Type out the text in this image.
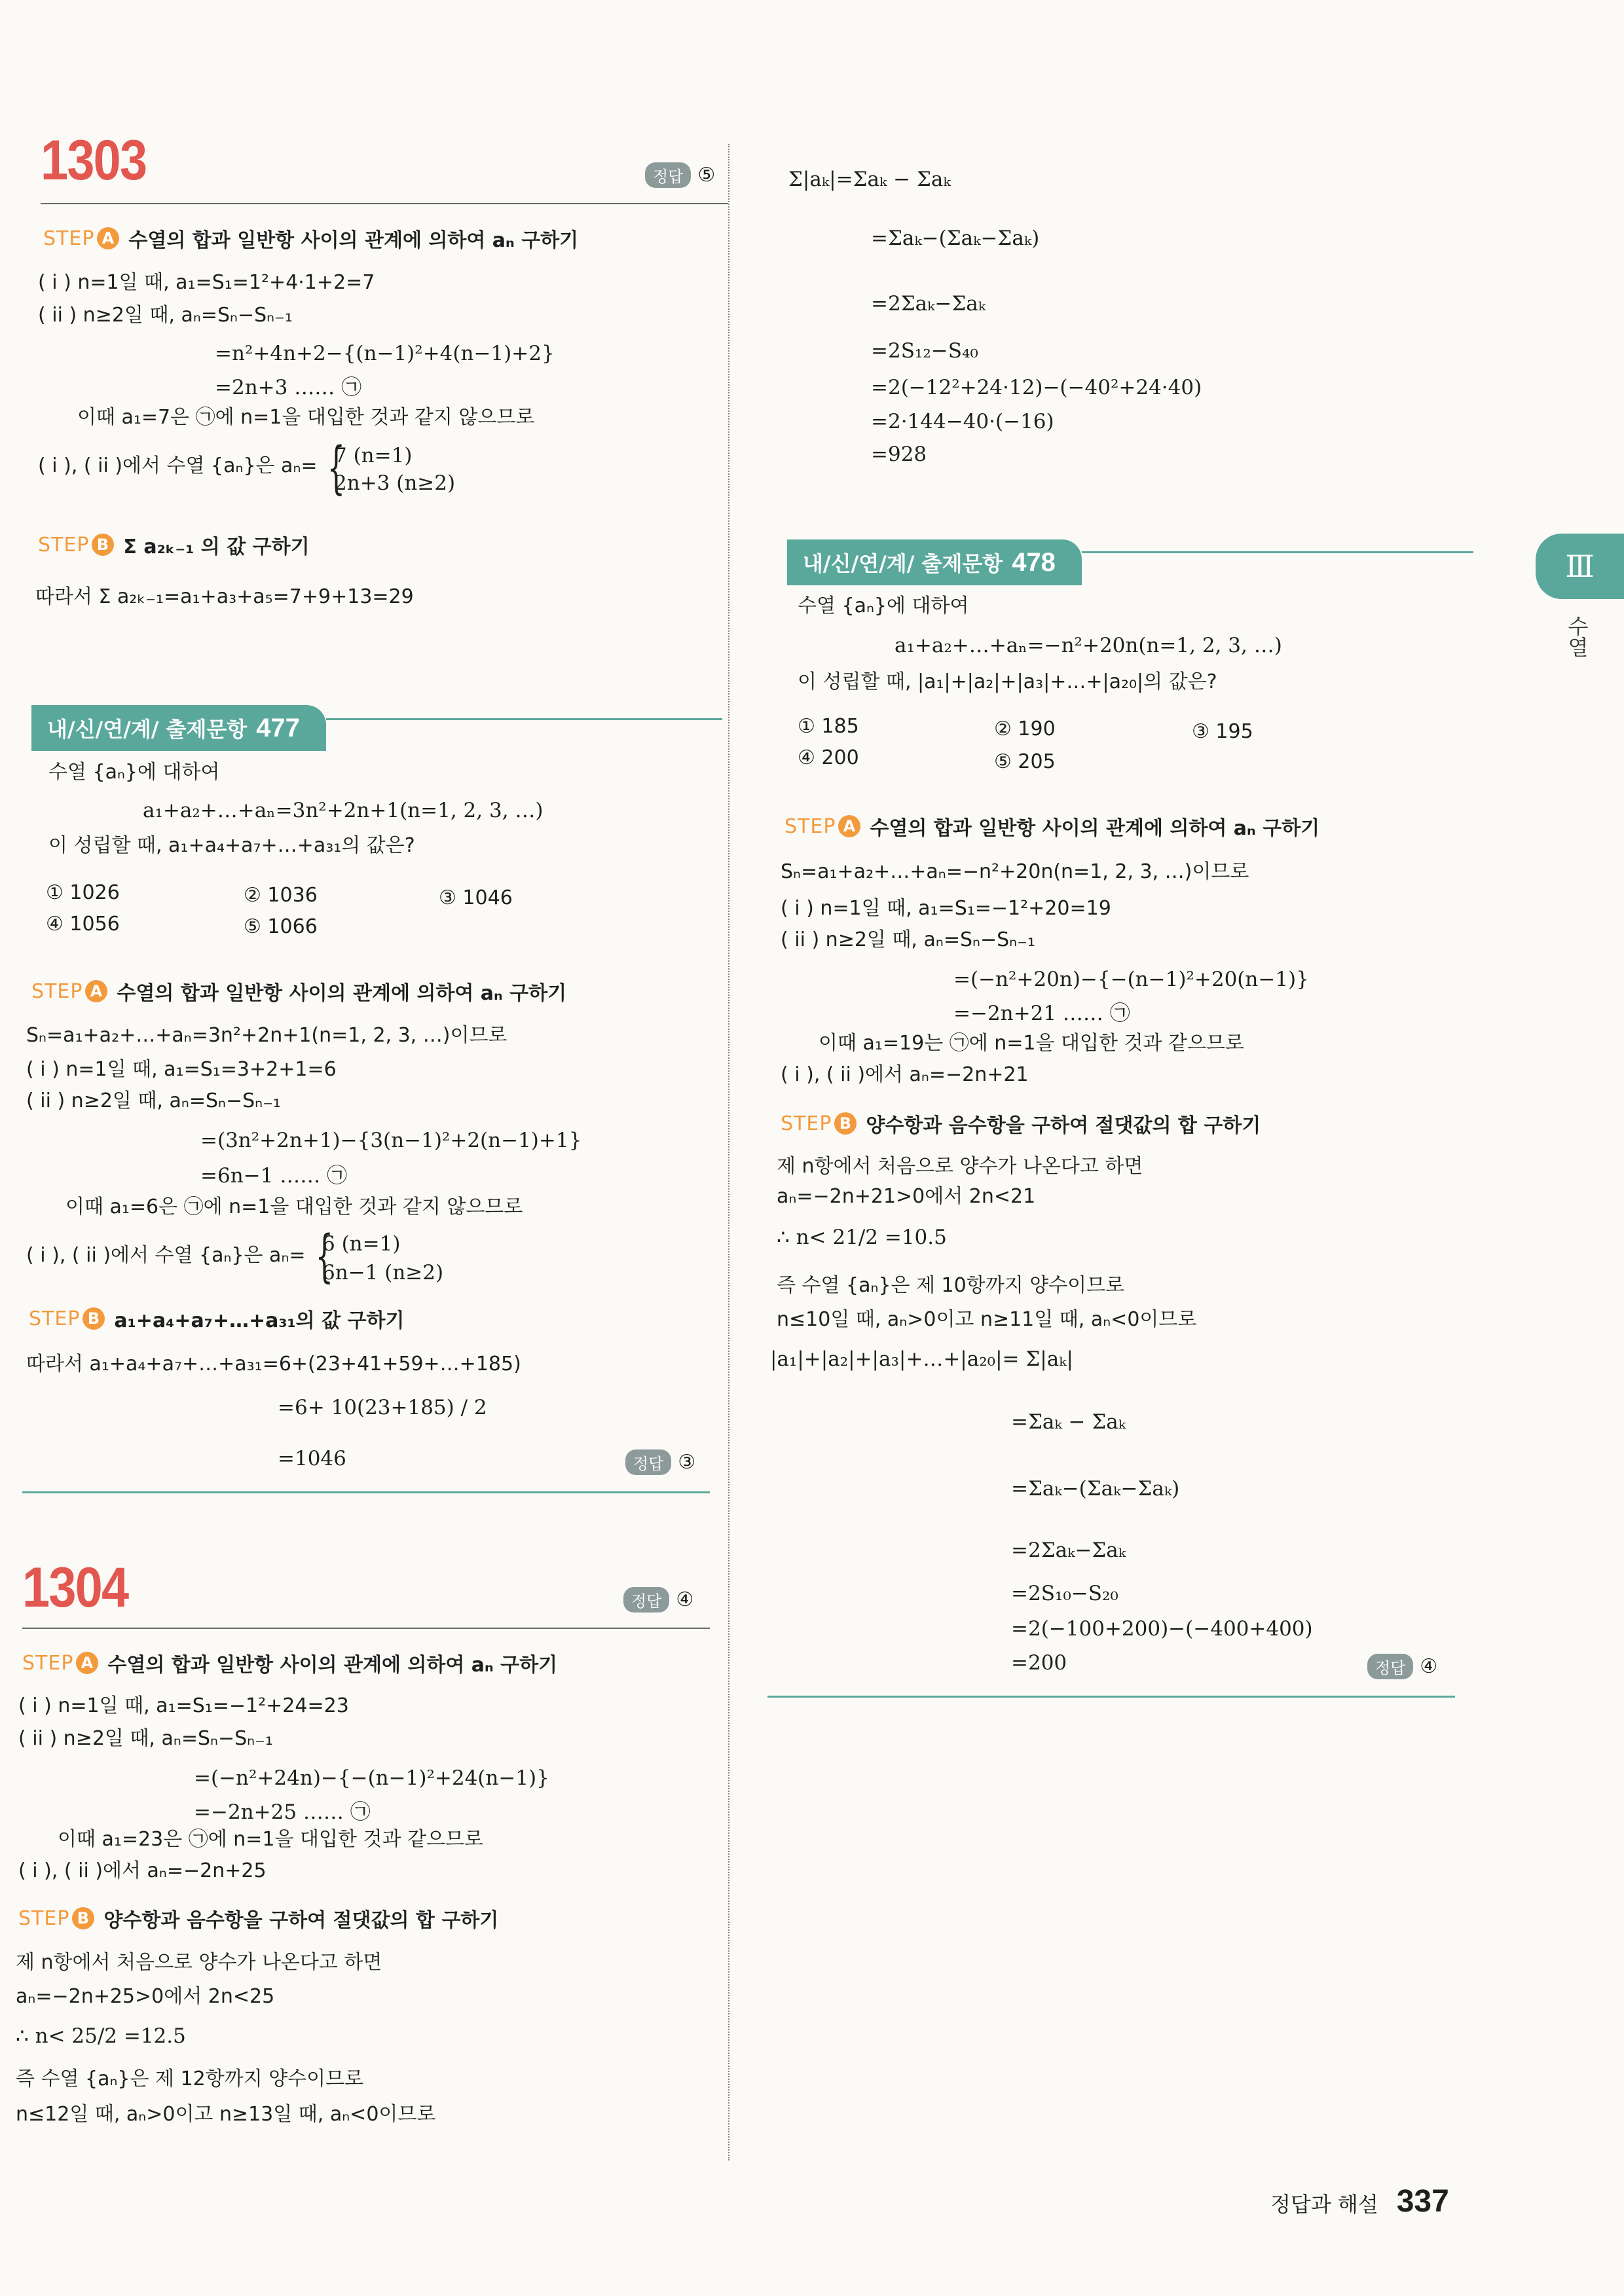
1303	정답 ⑤
STEP A 수열의 합과 일반항 사이의 관계에 의하여 aₙ 구하기
( i ) n=1일 때, a₁=S₁=1²+4·1+2=7
( ii ) n≥2일 때, aₙ=Sₙ−Sₙ₋₁
=n²+4n+2−{(n−1)²+4(n−1)+2}
=2n+3 …… ㉠
이때 a₁=7은 ㉠에 n=1을 대입한 것과 같지 않으므로
( i ), ( ii )에서 수열 {aₙ}은 aₙ= {
7 (n=1)
2n+3 (n≥2)
STEP B Σ a₂ₖ₋₁ 의 값 구하기
따라서 Σ a₂ₖ₋₁=a₁+a₃+a₅=7+9+13=29
내/신/연/계/ 출제문항 477
수열 {aₙ}에 대하여
a₁+a₂+…+aₙ=3n²+2n+1(n=1, 2, 3, …)
이 성립할 때, a₁+a₄+a₇+…+a₃₁의 값은?
① 1026	② 1036	③ 1046
④ 1056	⑤ 1066
STEP A 수열의 합과 일반항 사이의 관계에 의하여 aₙ 구하기
Sₙ=a₁+a₂+…+aₙ=3n²+2n+1(n=1, 2, 3, …)이므로
( i ) n=1일 때, a₁=S₁=3+2+1=6
( ii ) n≥2일 때, aₙ=Sₙ−Sₙ₋₁
=(3n²+2n+1)−{3(n−1)²+2(n−1)+1}
=6n−1 …… ㉠
이때 a₁=6은 ㉠에 n=1을 대입한 것과 같지 않으므로
( i ), ( ii )에서 수열 {aₙ}은 aₙ= {
6 (n=1)
6n−1 (n≥2)
STEP B a₁+a₄+a₇+…+a₃₁의 값 구하기
따라서 a₁+a₄+a₇+…+a₃₁=6+(23+41+59+…+185)
=6+ 10(23+185) / 2
=1046	정답 ③
1304	정답 ④
STEP A 수열의 합과 일반항 사이의 관계에 의하여 aₙ 구하기
( i ) n=1일 때, a₁=S₁=−1²+24=23
( ii ) n≥2일 때, aₙ=Sₙ−Sₙ₋₁
=(−n²+24n)−{−(n−1)²+24(n−1)}
=−2n+25 …… ㉠
이때 a₁=23은 ㉠에 n=1을 대입한 것과 같으므로
( i ), ( ii )에서 aₙ=−2n+25
STEP B 양수항과 음수항을 구하여 절댓값의 합 구하기
제 n항에서 처음으로 양수가 나온다고 하면
aₙ=−2n+25>0에서 2n<25
∴ n< 25/2 =12.5
즉 수열 {aₙ}은 제 12항까지 양수이므로
n≤12일 때, aₙ>0이고 n≥13일 때, aₙ<0이므로
Σ|aₖ|=Σaₖ − Σaₖ
=Σaₖ−(Σaₖ−Σaₖ)
=2Σaₖ−Σaₖ
=2S₁₂−S₄₀
=2(−12²+24·12)−(−40²+24·40)
=2·144−40·(−16)
=928
내/신/연/계/ 출제문항 478
수열 {aₙ}에 대하여
a₁+a₂+…+aₙ=−n²+20n(n=1, 2, 3, …)
이 성립할 때, |a₁|+|a₂|+|a₃|+…+|a₂₀|의 값은?
① 185	② 190	③ 195
④ 200	⑤ 205
STEP A 수열의 합과 일반항 사이의 관계에 의하여 aₙ 구하기
Sₙ=a₁+a₂+…+aₙ=−n²+20n(n=1, 2, 3, …)이므로
( i ) n=1일 때, a₁=S₁=−1²+20=19
( ii ) n≥2일 때, aₙ=Sₙ−Sₙ₋₁
=(−n²+20n)−{−(n−1)²+20(n−1)}
=−2n+21 …… ㉠
이때 a₁=19는 ㉠에 n=1을 대입한 것과 같으므로
( i ), ( ii )에서 aₙ=−2n+21
STEP B 양수항과 음수항을 구하여 절댓값의 합 구하기
제 n항에서 처음으로 양수가 나온다고 하면
aₙ=−2n+21>0에서 2n<21
∴ n< 21/2 =10.5
즉 수열 {aₙ}은 제 10항까지 양수이므로
n≤10일 때, aₙ>0이고 n≥11일 때, aₙ<0이므로
|a₁|+|a₂|+|a₃|+…+|a₂₀|= Σ|aₖ|
=Σaₖ − Σaₖ
=Σaₖ−(Σaₖ−Σaₖ)
=2Σaₖ−Σaₖ
=2S₁₀−S₂₀
=2(−100+200)−(−400+400)
=200	정답 ④
Ⅲ
수열
정답과 해설 337
